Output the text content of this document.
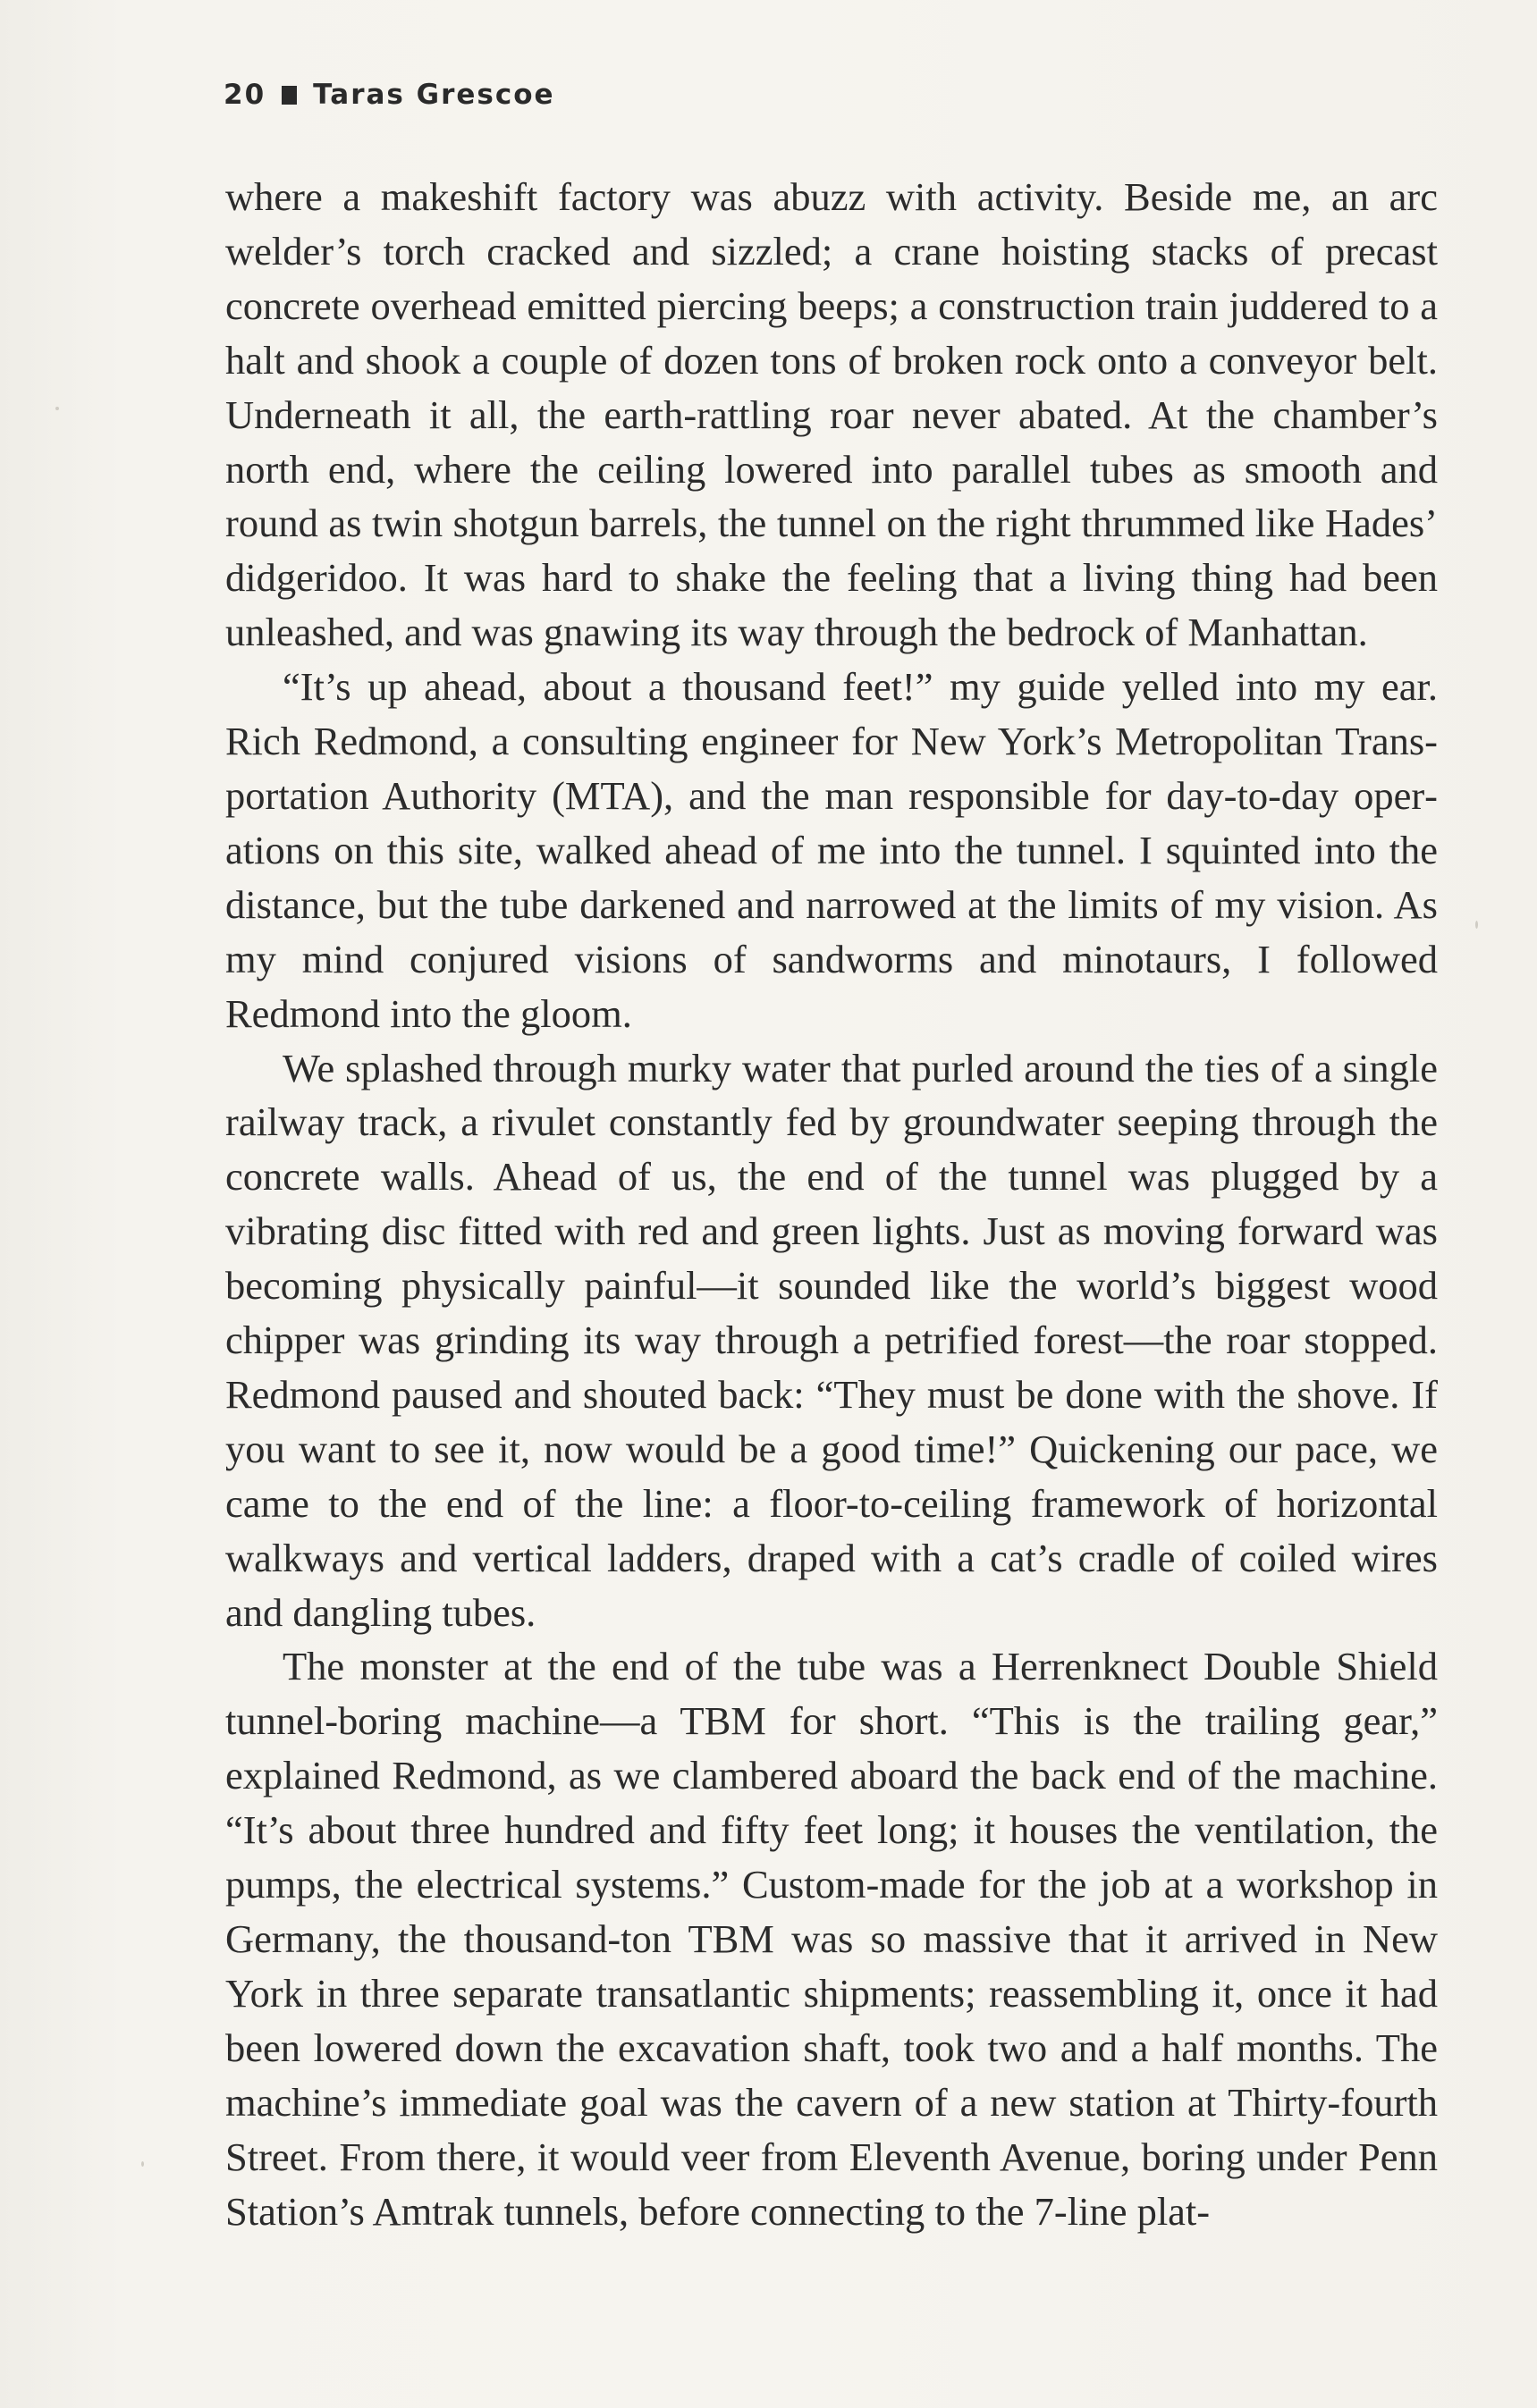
20 Taras Grescoe

where a makeshift factory was abuzz with activity. Beside me, an arc welder’s torch cracked and sizzled; a crane hoisting stacks of precast concrete overhead emitted piercing beeps; a construction train juddered to a halt and shook a couple of dozen tons of broken rock onto a conveyor belt. Underneath it all, the earth-rattling roar never abated. At the chamber’s north end, where the ceiling lowered into parallel tubes as smooth and round as twin shotgun barrels, the tunnel on the right thrummed like Hades’ didgeridoo. It was hard to shake the feeling that a living thing had been unleashed, and was gnawing its way through the bedrock of Manhattan.

“It’s up ahead, about a thousand feet!” my guide yelled into my ear. Rich Redmond, a consulting engineer for New York’s Metropolitan Transportation Authority (MTA), and the man responsible for day-to-day operations on this site, walked ahead of me into the tunnel. I squinted into the distance, but the tube darkened and narrowed at the limits of my vision. As my mind conjured visions of sandworms and minotaurs, I followed Redmond into the gloom.

We splashed through murky water that purled around the ties of a single railway track, a rivulet constantly fed by groundwater seeping through the concrete walls. Ahead of us, the end of the tunnel was plugged by a vibrating disc fitted with red and green lights. Just as moving forward was becoming physically painful—it sounded like the world’s biggest wood chipper was grinding its way through a petrified forest—the roar stopped. Redmond paused and shouted back: “They must be done with the shove. If you want to see it, now would be a good time!” Quickening our pace, we came to the end of the line: a floor-to-ceiling framework of horizontal walkways and vertical ladders, draped with a cat’s cradle of coiled wires and dangling tubes.

The monster at the end of the tube was a Herrenknect Double Shield tunnel-boring machine—a TBM for short. “This is the trailing gear,” explained Redmond, as we clambered aboard the back end of the machine. “It’s about three hundred and fifty feet long; it houses the ventilation, the pumps, the electrical systems.” Custom-made for the job at a workshop in Germany, the thousand-ton TBM was so massive that it arrived in New York in three separate transatlantic shipments; reassembling it, once it had been lowered down the excavation shaft, took two and a half months. The machine’s immediate goal was the cavern of a new station at Thirty-fourth Street. From there, it would veer from Eleventh Avenue, boring under Penn Station’s Amtrak tunnels, before connecting to the 7-line plat-
